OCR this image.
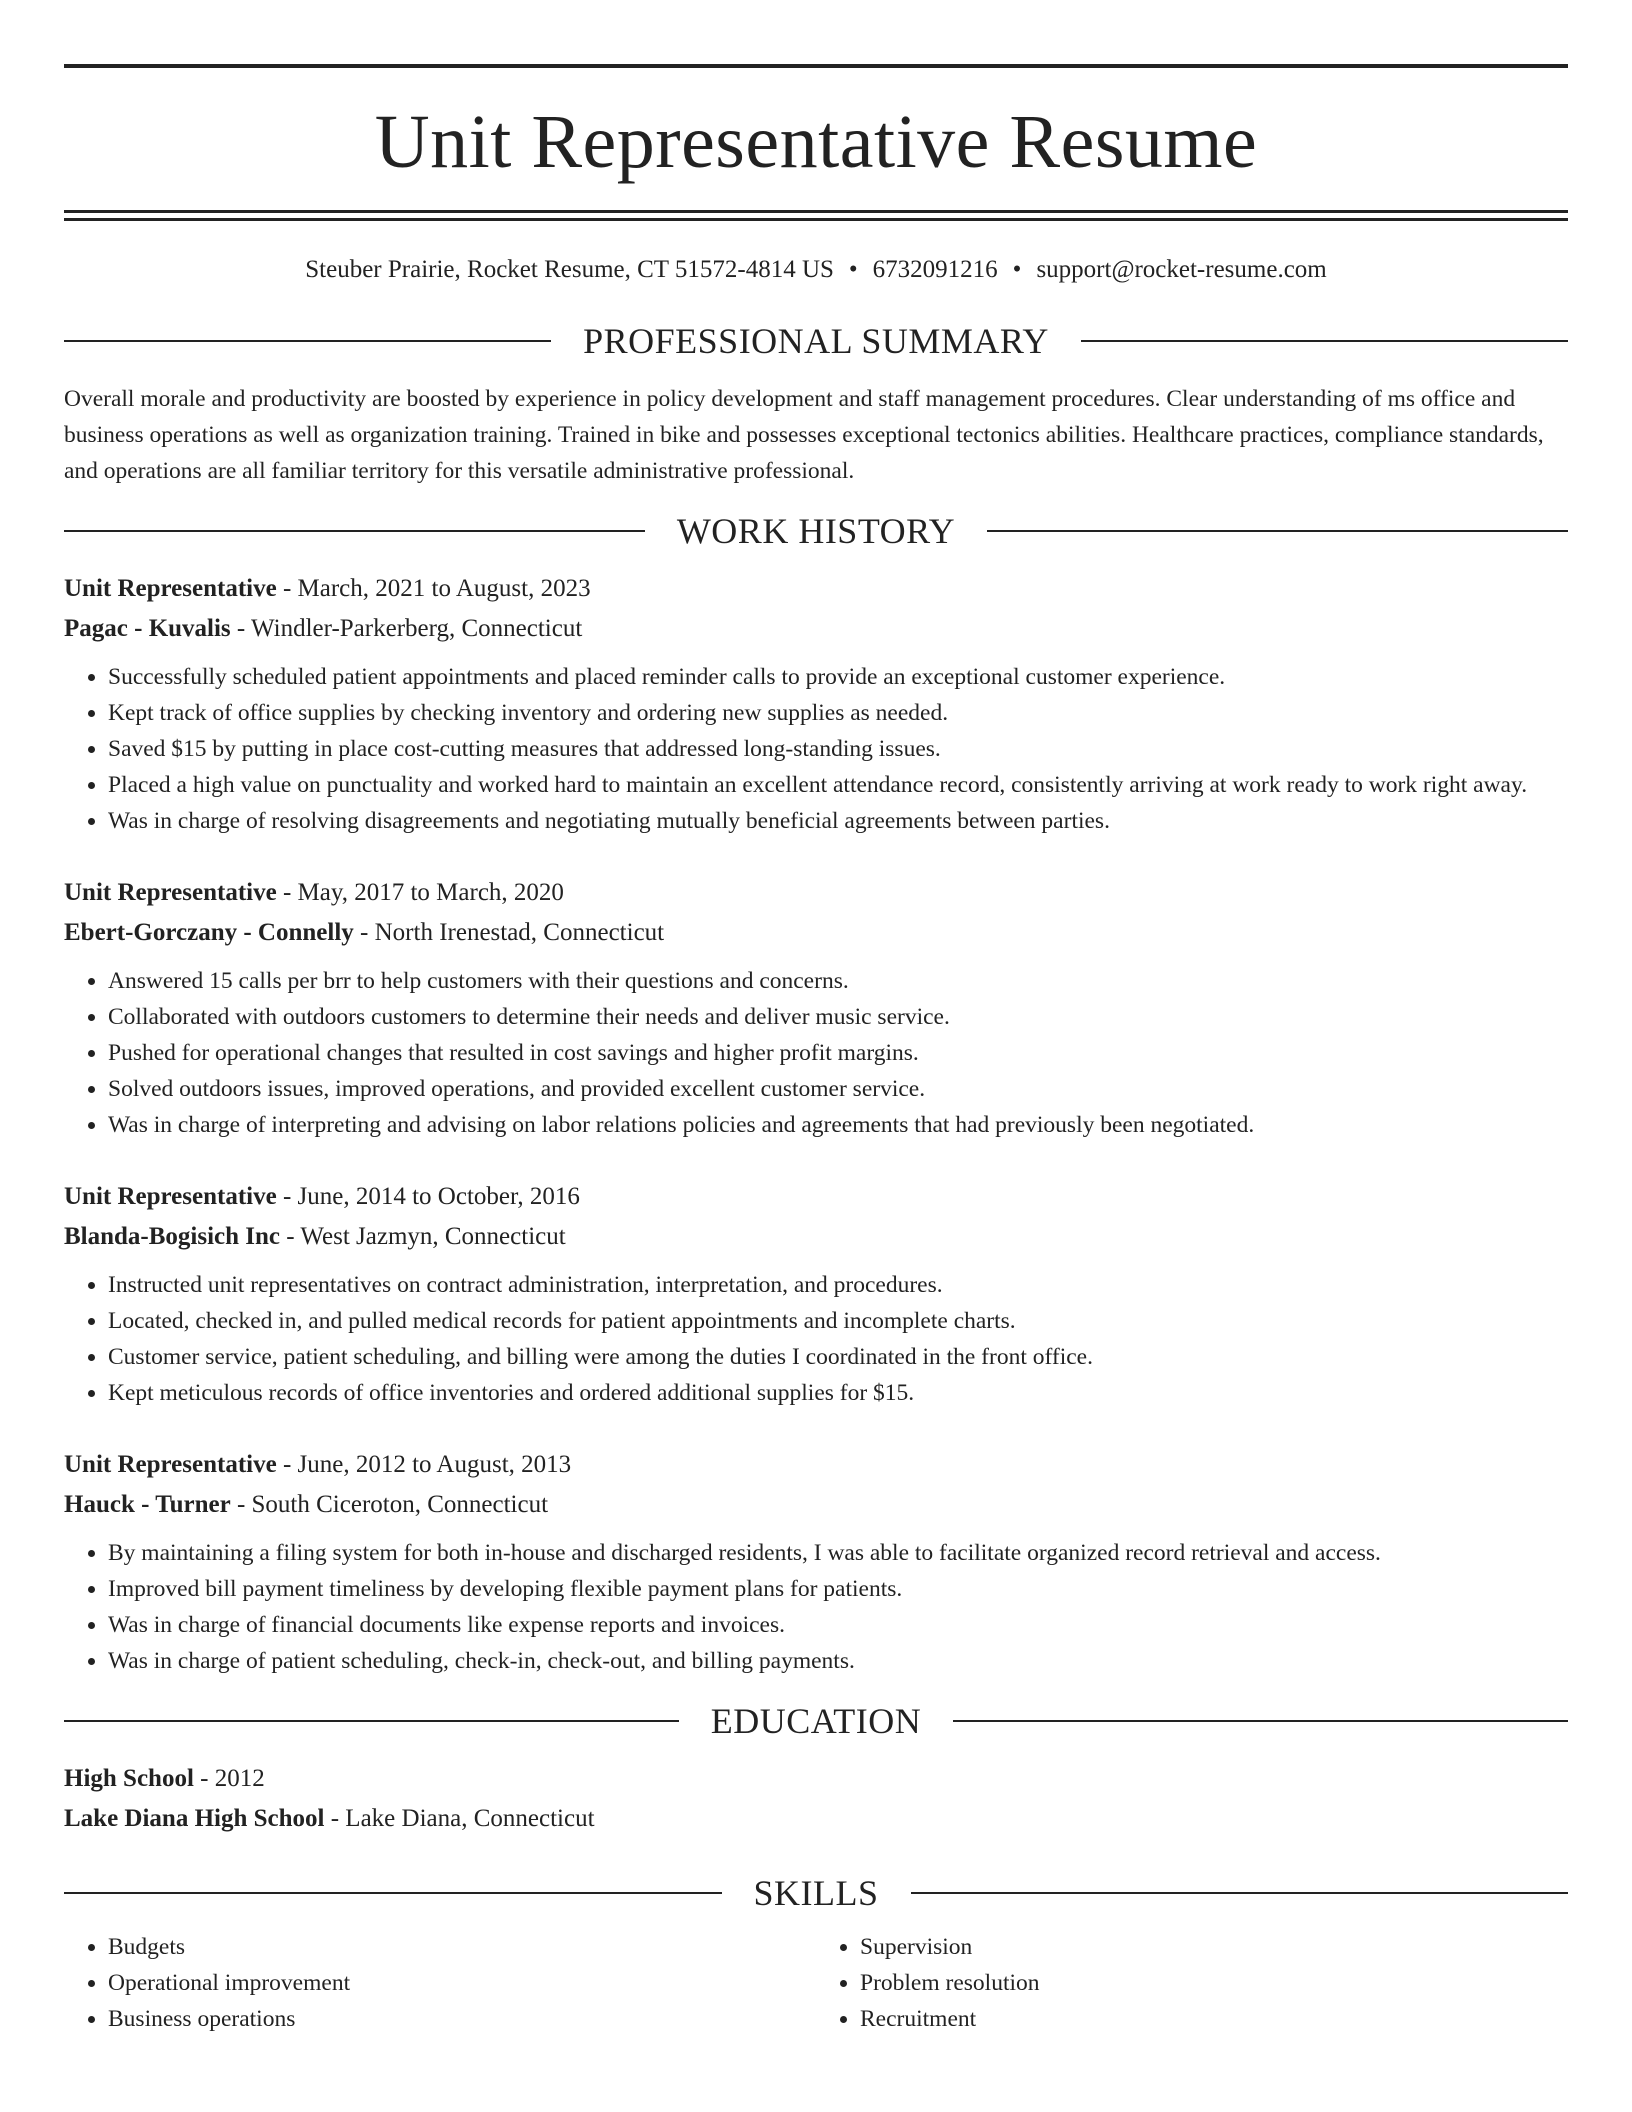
Unit Representative Resume
Steuber Prairie, Rocket Resume, CT 51572-4814 US • 6732091216 • support@rocket-resume.com
PROFESSIONAL SUMMARY
Overall morale and productivity are boosted by experience in policy development and staff management procedures. Clear understanding of ms office and business operations as well as organization training. Trained in bike and possesses exceptional tectonics abilities. Healthcare practices, compliance standards, and operations are all familiar territory for this versatile administrative professional.
WORK HISTORY
Unit Representative - March, 2021 to August, 2023
Pagac - Kuvalis - Windler-Parkerberg, Connecticut
• Successfully scheduled patient appointments and placed reminder calls to provide an exceptional customer experience.
• Kept track of office supplies by checking inventory and ordering new supplies as needed.
• Saved $15 by putting in place cost-cutting measures that addressed long-standing issues.
• Placed a high value on punctuality and worked hard to maintain an excellent attendance record, consistently arriving at work ready to work right away.
• Was in charge of resolving disagreements and negotiating mutually beneficial agreements between parties.
Unit Representative - May, 2017 to March, 2020
Ebert-Gorczany - Connelly - North Irenestad, Connecticut
• Answered 15 calls per brr to help customers with their questions and concerns.
• Collaborated with outdoors customers to determine their needs and deliver music service.
• Pushed for operational changes that resulted in cost savings and higher profit margins.
• Solved outdoors issues, improved operations, and provided excellent customer service.
• Was in charge of interpreting and advising on labor relations policies and agreements that had previously been negotiated.
Unit Representative - June, 2014 to October, 2016
Blanda-Bogisich Inc - West Jazmyn, Connecticut
• Instructed unit representatives on contract administration, interpretation, and procedures.
• Located, checked in, and pulled medical records for patient appointments and incomplete charts.
• Customer service, patient scheduling, and billing were among the duties I coordinated in the front office.
• Kept meticulous records of office inventories and ordered additional supplies for $15.
Unit Representative - June, 2012 to August, 2013
Hauck - Turner - South Ciceroton, Connecticut
• By maintaining a filing system for both in-house and discharged residents, I was able to facilitate organized record retrieval and access.
• Improved bill payment timeliness by developing flexible payment plans for patients.
• Was in charge of financial documents like expense reports and invoices.
• Was in charge of patient scheduling, check-in, check-out, and billing payments.
EDUCATION
High School - 2012
Lake Diana High School - Lake Diana, Connecticut
SKILLS
• Budgets
• Operational improvement
• Business operations
• Supervision
• Problem resolution
• Recruitment
